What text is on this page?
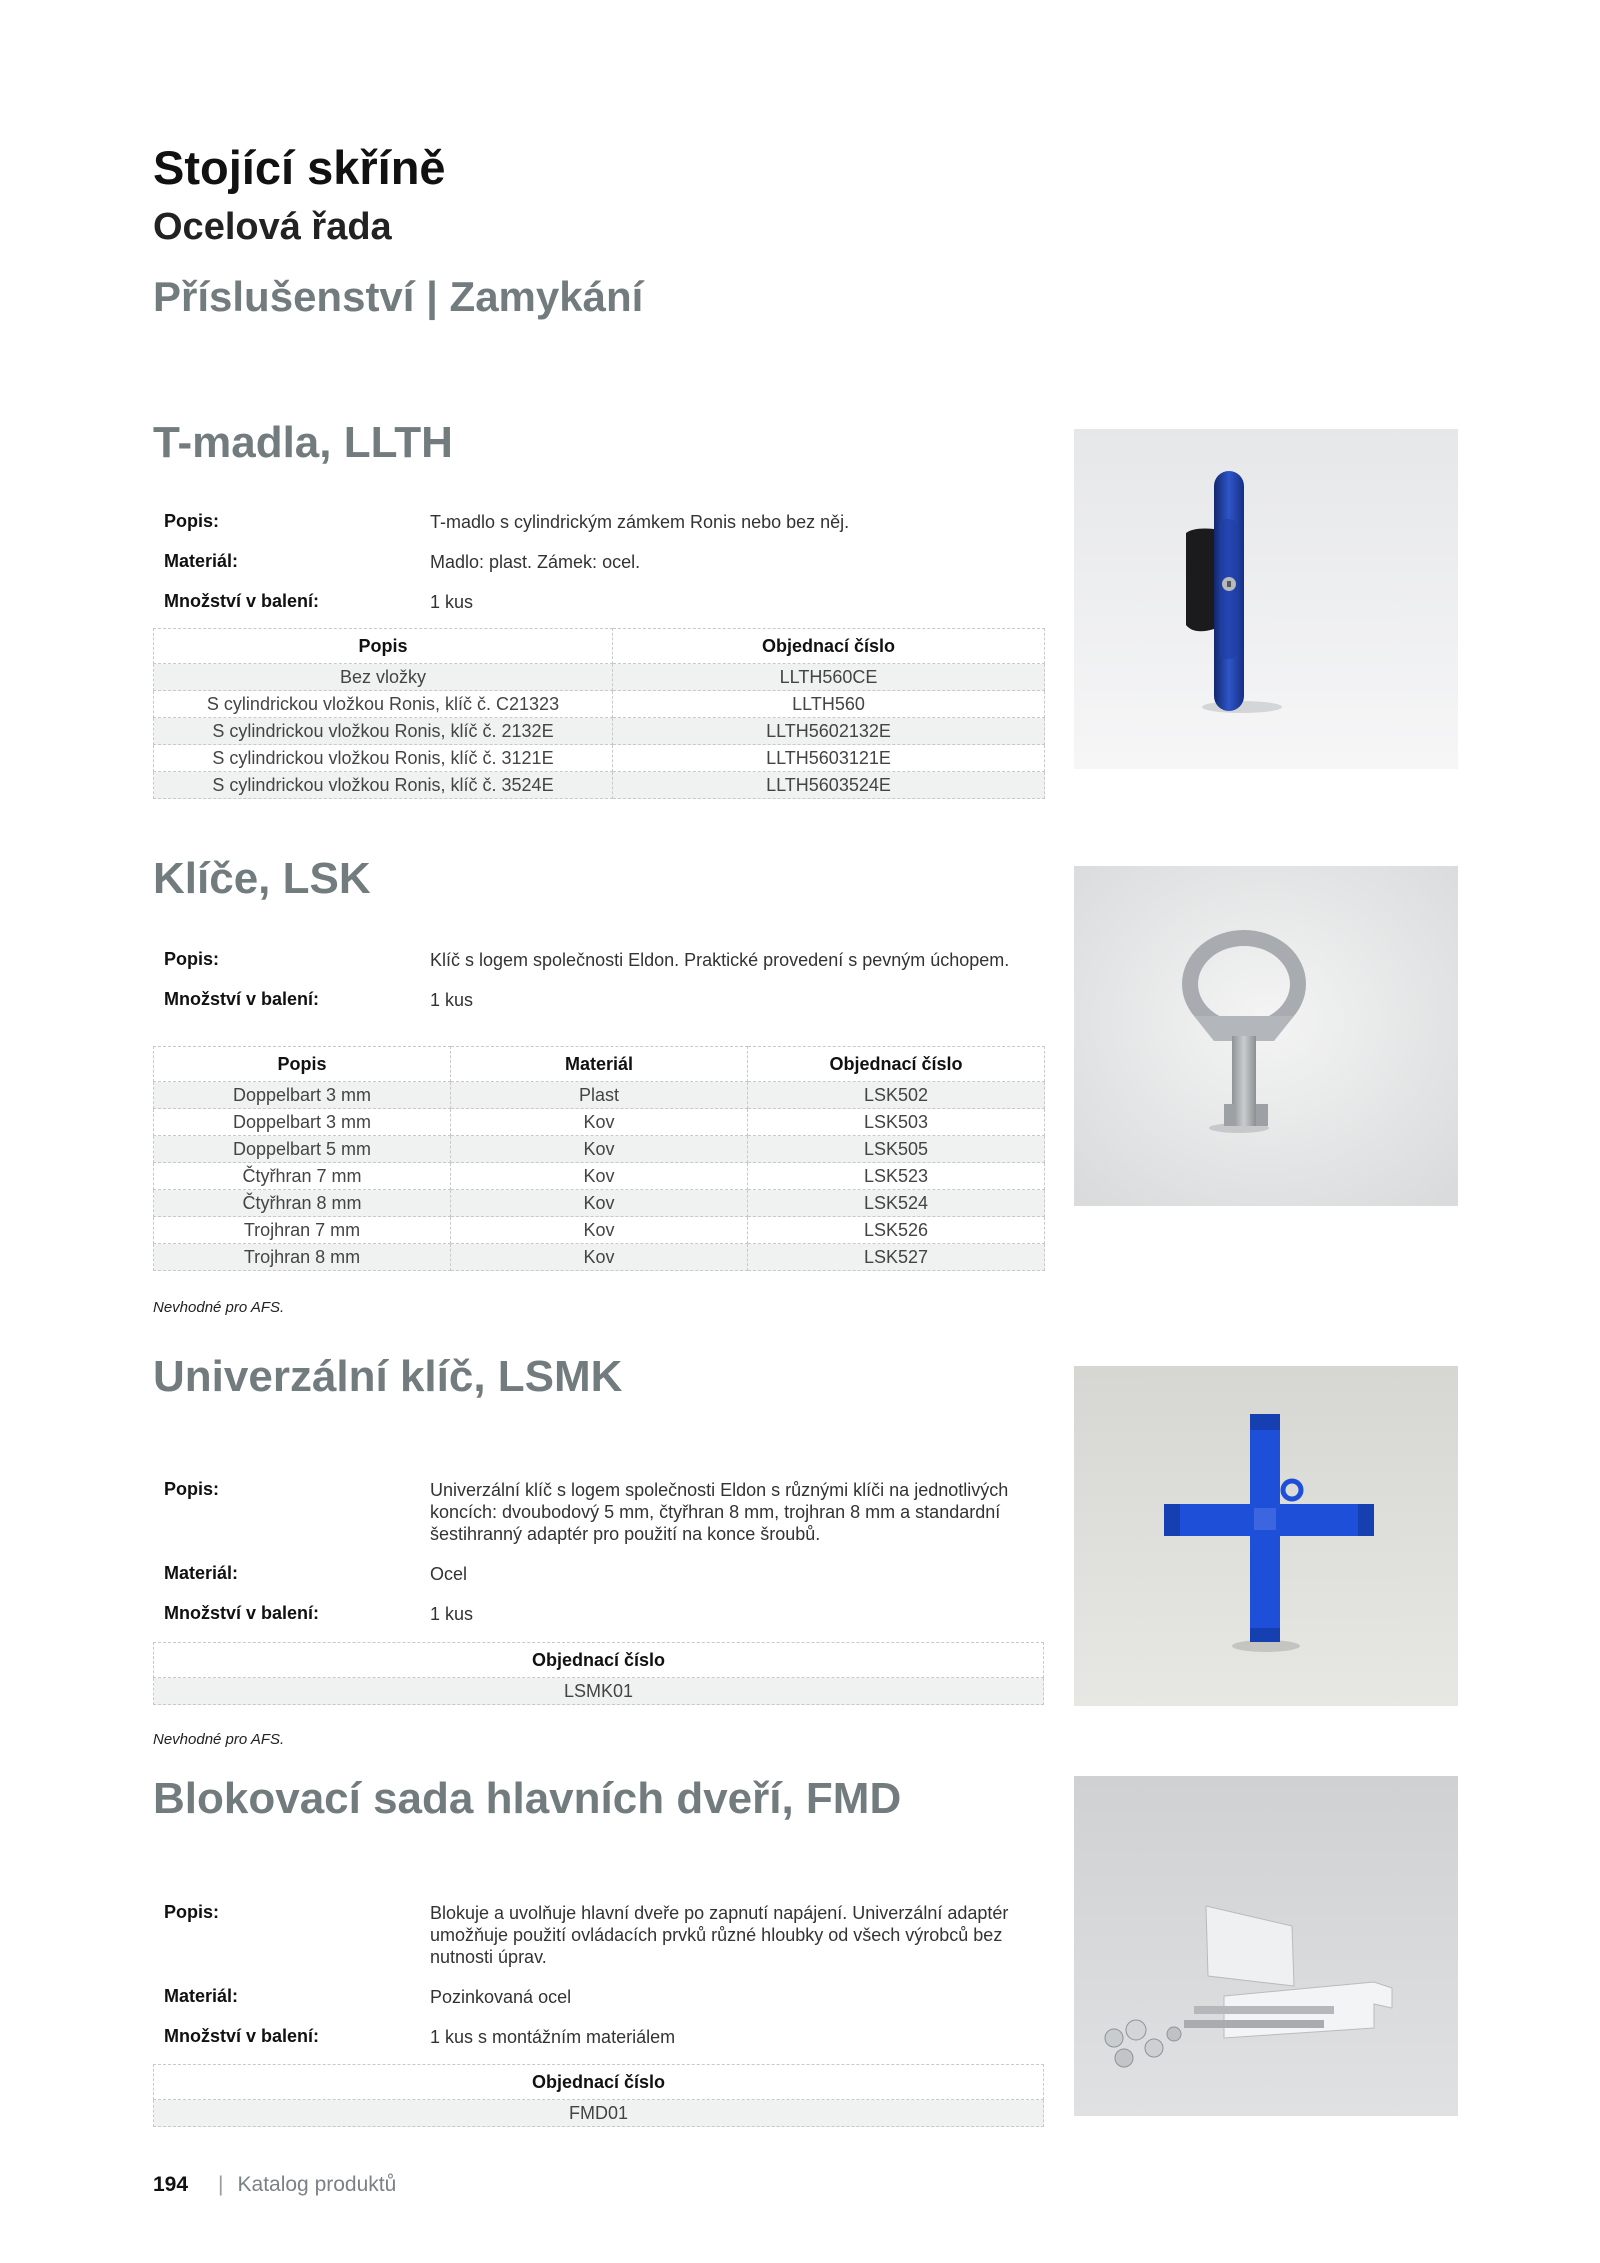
Stojící skříně
Ocelová řada
Příslušenství | Zamykání
T-madla, LLTH
Popis:	T-madlo s cylindrickým zámkem Ronis nebo bez něj.
Materiál:	Madlo: plast. Zámek: ocel.
Množství v balení:	1 kus
Popis	Objednací číslo
Bez vložky	LLTH560CE
S cylindrickou vložkou Ronis, klíč č. C21323	LLTH560
S cylindrickou vložkou Ronis, klíč č. 2132E	LLTH5602132E
S cylindrickou vložkou Ronis, klíč č. 3121E	LLTH5603121E
S cylindrickou vložkou Ronis, klíč č. 3524E	LLTH5603524E
Klíče, LSK
Popis:	Klíč s logem společnosti Eldon. Praktické provedení s pevným úchopem.
Množství v balení:	1 kus
Popis	Materiál	Objednací číslo
Doppelbart 3 mm	Plast	LSK502
Doppelbart 3 mm	Kov	LSK503
Doppelbart 5 mm	Kov	LSK505
Čtyřhran 7 mm	Kov	LSK523
Čtyřhran 8 mm	Kov	LSK524
Trojhran 7 mm	Kov	LSK526
Trojhran 8 mm	Kov	LSK527
Nevhodné pro AFS.
Univerzální klíč, LSMK
Popis:	Univerzální klíč s logem společnosti Eldon s různými klíči na jednotlivých koncích: dvoubodový 5 mm, čtyřhran 8 mm, trojhran 8 mm a standardní šestihranný adaptér pro použití na konce šroubů.
Materiál:	Ocel
Množství v balení:	1 kus
Objednací číslo
LSMK01
Nevhodné pro AFS.
Blokovací sada hlavních dveří, FMD
Popis:	Blokuje a uvolňuje hlavní dveře po zapnutí napájení. Univerzální adaptér umožňuje použití ovládacích prvků různé hloubky od všech výrobců bez nutnosti úprav.
Materiál:	Pozinkovaná ocel
Množství v balení:	1 kus s montážním materiálem
Objednací číslo
FMD01
194 | Katalog produktů
